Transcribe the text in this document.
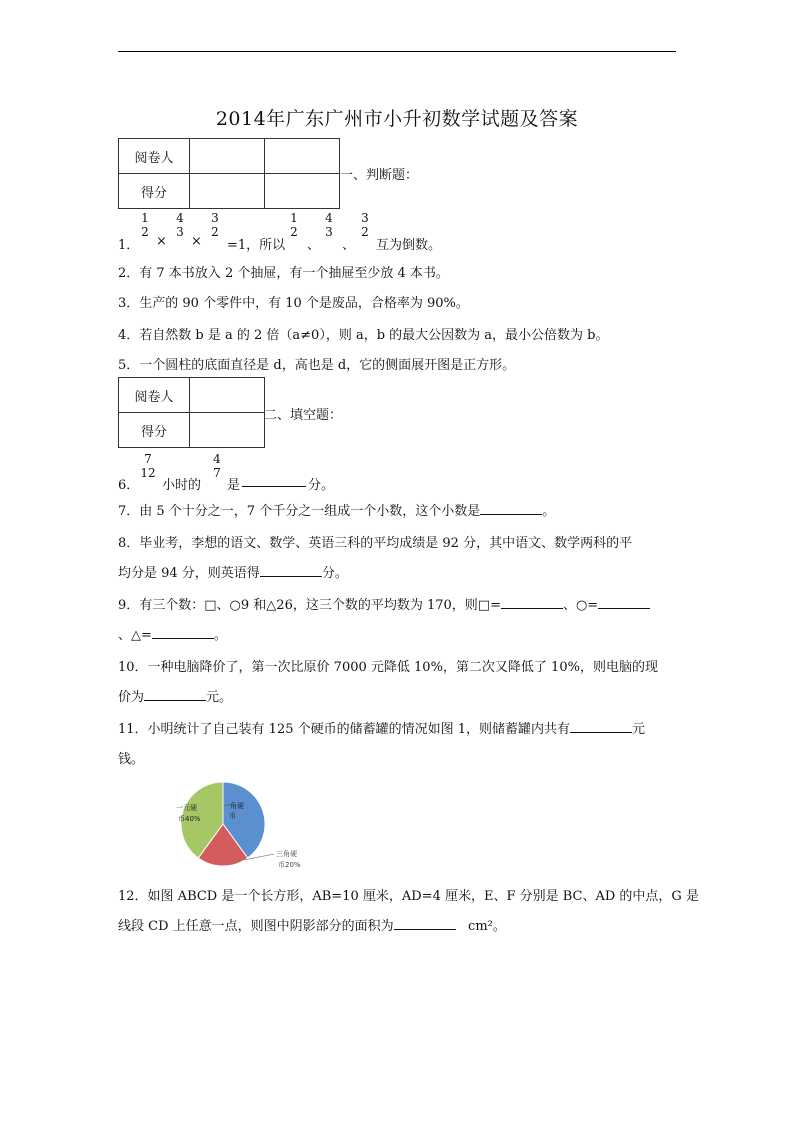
2014年广东广州市小升初数学试题及答案
阅卷人		
得分		
一、判断题：
1
2
4
3
3
2
1
2
4
3
3
2
1． × × =1，所以 、 、 互为倒数。
2．有 7 本书放入 2 个抽屉，有一个抽屉至少放 4 本书。
3．生产的 90 个零件中，有 10 个是废品，合格率为 90%。
4．若自然数 b 是 a 的 2 倍（a≠0），则 a，b 的最大公因数为 a，最小公倍数为 b。
5．一个圆柱的底面直径是 d，高也是 d，它的侧面展开图是正方形。
阅卷人	
得分	
二、填空题：
7
12
4
7
6． 小时的 是	分。
7．由 5 个十分之一，7 个千分之一组成一个小数，这个小数是	。
8．毕业考，李想的语文、数学、英语三科的平均成绩是 92 分，其中语文、数学两科的平
均分是 94 分，则英语得	分。
9．有三个数：□、○9 和△26，这三个数的平均数为 170，则□=	、○=
、△=	。
10．一种电脑降价了，第一次比原价 7000 元降低 10%，第二次又降低了 10%，则电脑的现
价为	元。
11．小明统计了自己装有 125 个硬币的储蓄罐的情况如图 1，则储蓄罐内共有	元
钱。
一角硬
币
一元硬
币40%
三角硬
币20%
12．如图 ABCD 是一个长方形，AB=10 厘米，AD=4 厘米，E、F 分别是 BC、AD 的中点，G 是
线段 CD 上任意一点，则图中阴影部分的面积为	cm²。
